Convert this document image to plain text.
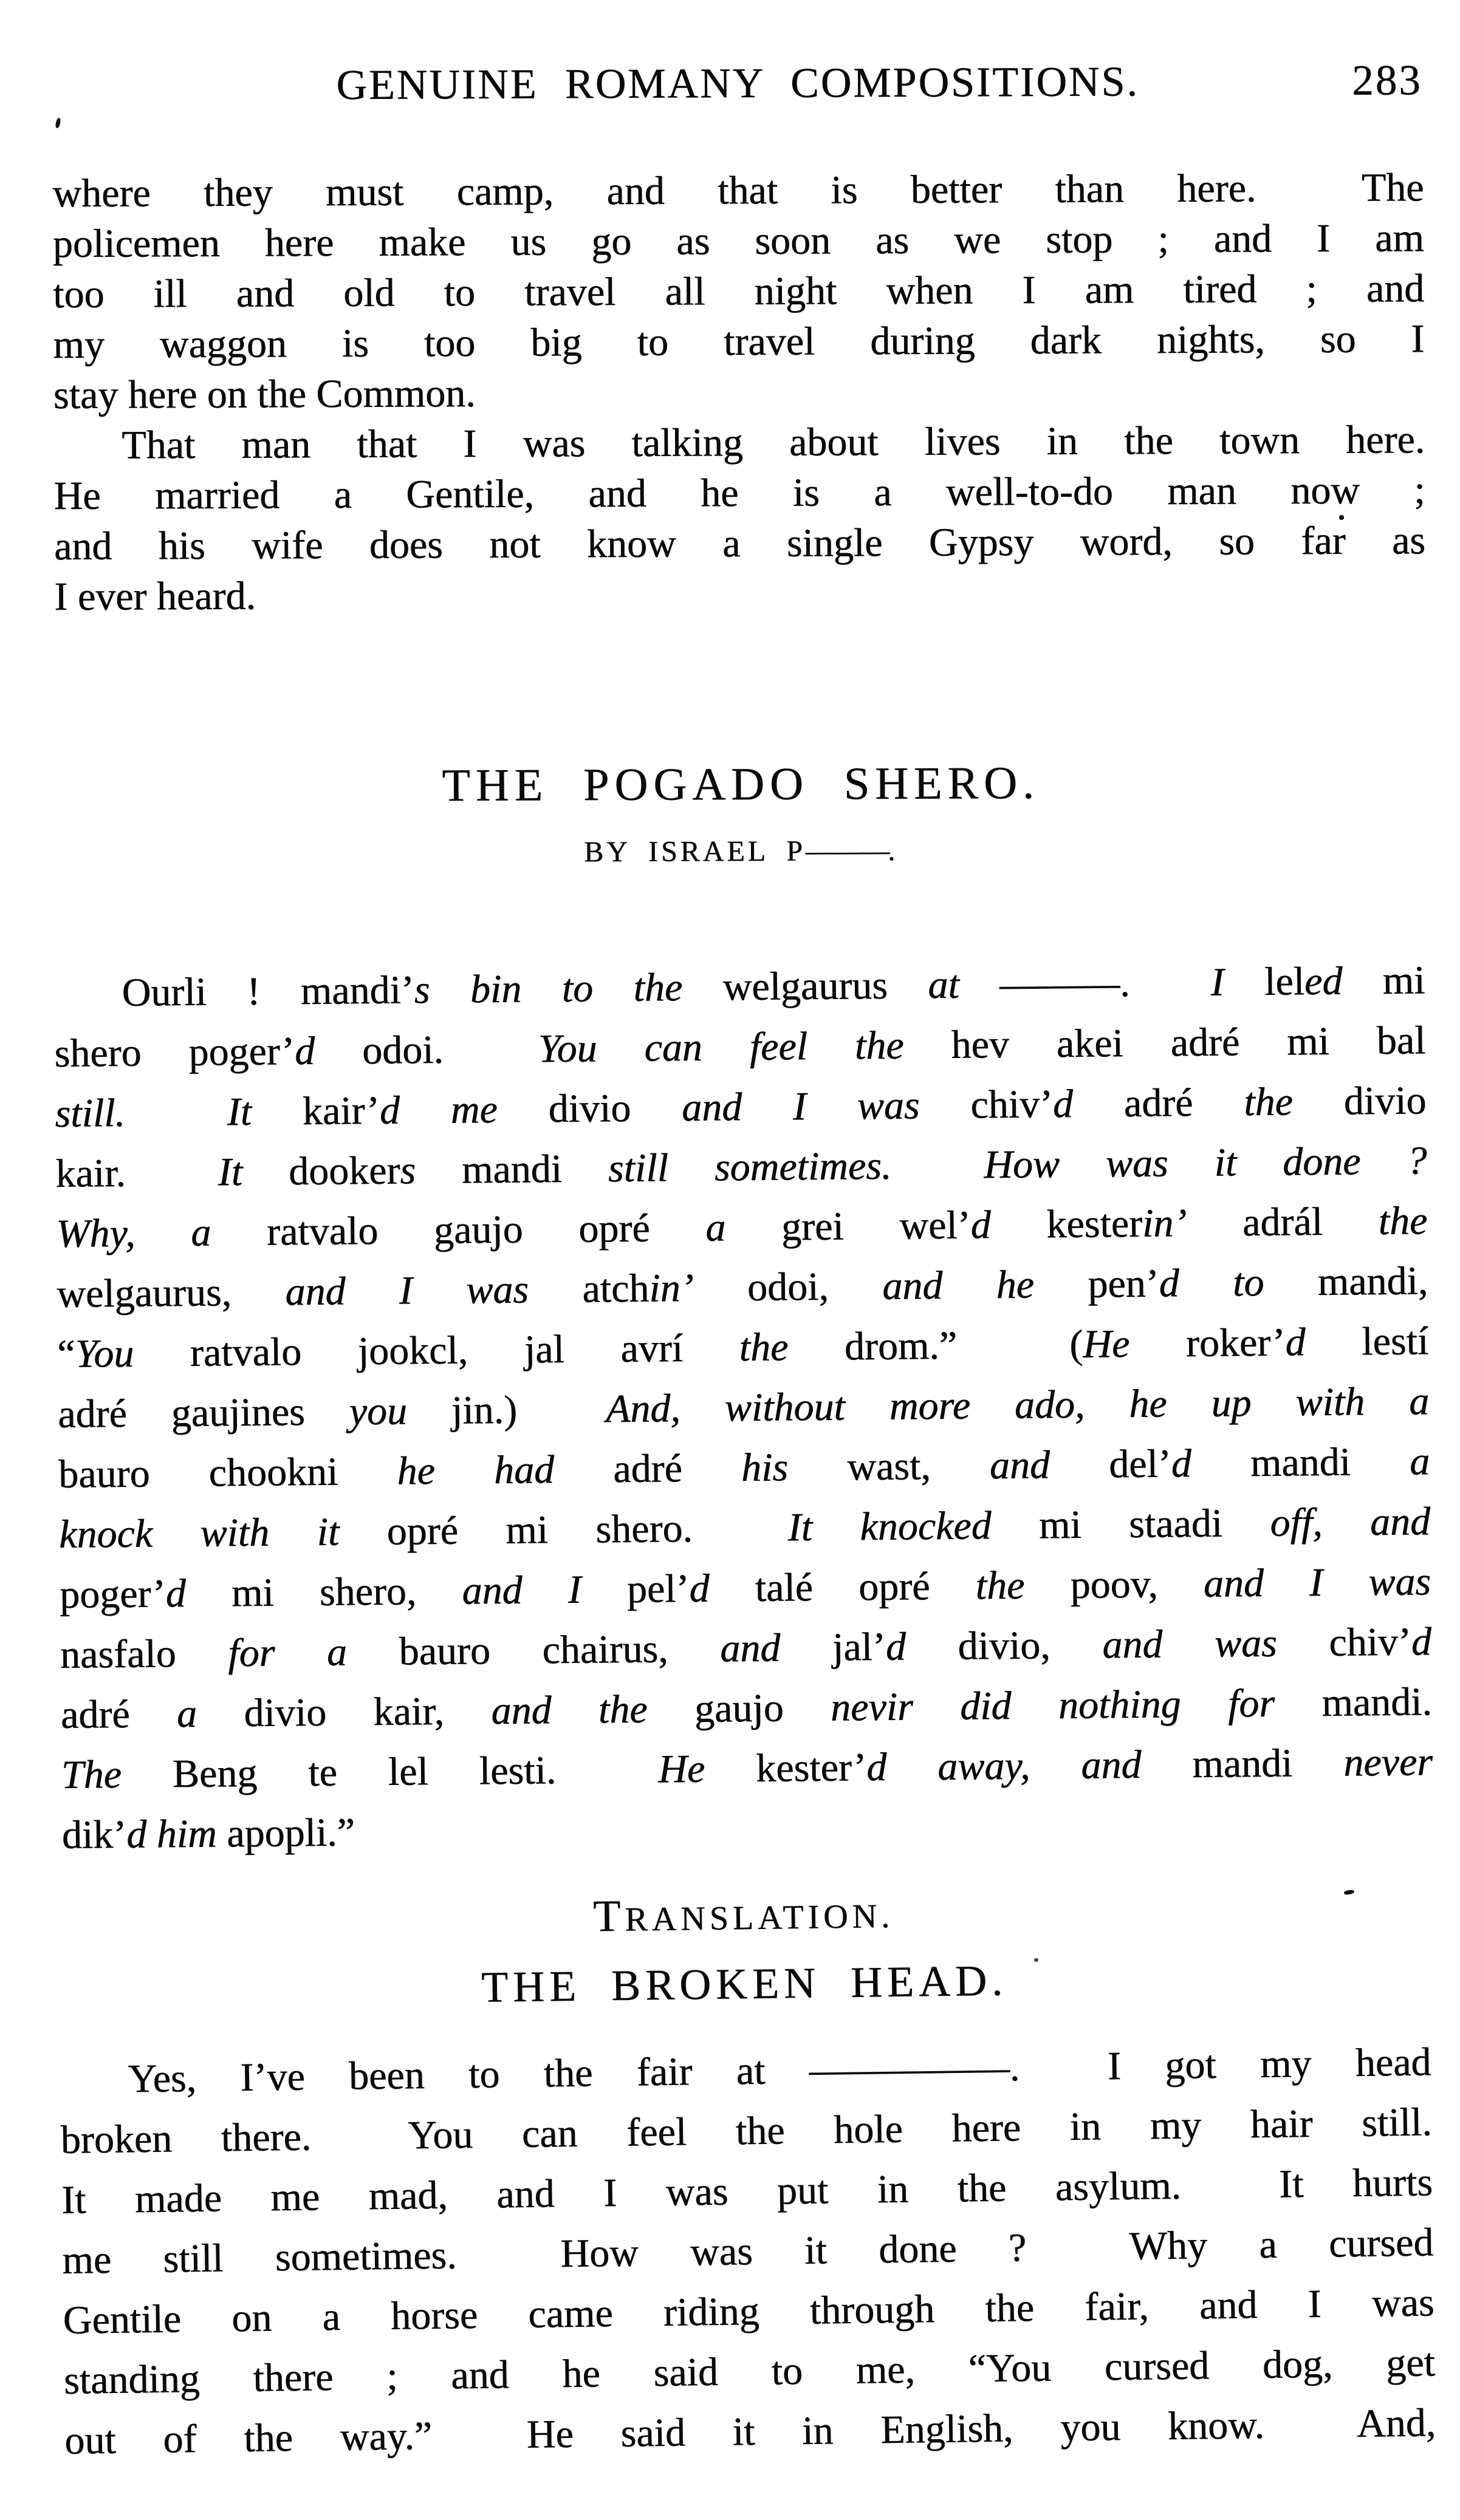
GENUINE ROMANY COMPOSITIONS.	283
where they must camp, and that is better than here.  The
policemen here make us go as soon as we stop ; and I am
too ill and old to travel all night when I am tired ; and
my waggon is too big to travel during dark nights, so I
stay here on the Common.
That man that I was talking about lives in the town here.
He married a Gentile, and he is a well-to-do man now ;
and his wife does not know a single Gypsy word, so far as
I ever heard.
THE POGADO SHERO.
BY ISRAEL P———.
Ourli ! mandi’s bin to the welgaurus at ———.  I leled mi
shero poger’d odoi.  You can feel the hev akei adré mi bal
still.	It kair’d me divio and I was chiv’d adré the divio
kair.  It dookers mandi still sometimes. How was it done ?
Why, a ratvalo gaujo opré a grei wel’d kesterin’ adrál the
welgaurus, and I was atchin’ odoi, and he pen’d to mandi,
“You ratvalo jookcl, jal avrí the drom.”  (He roker’d lestí
adré gaujines you jin.)  And, without more ado, he up with a
bauro chookni he had adré his wast, and del’d mandi a
knock with it opré mi shero.  It knocked mi staadi off, and
poger’d mi shero, and I pel’d talé opré the poov, and I was
nasfalo for a bauro chairus, and jal’d divio, and was chiv’d
adré a divio kair, and the gaujo nevir did nothing for mandi.
The Beng te lel lesti.  He kester’d away, and mandi never
dik’d him apopli.”
TRANSLATION.
THE BROKEN HEAD.
Yes, I’ve been to the fair at —————.  I got my head
broken there.  You can feel the hole here in my hair still.
It made me mad, and I was put in the asylum.  It hurts
me still sometimes.  How was it done ?  Why a cursed
Gentile on a horse came riding through the fair, and I was
standing there ; and he said to me, “You cursed dog, get
out of the way.”  He said it in English, you know.  And,
